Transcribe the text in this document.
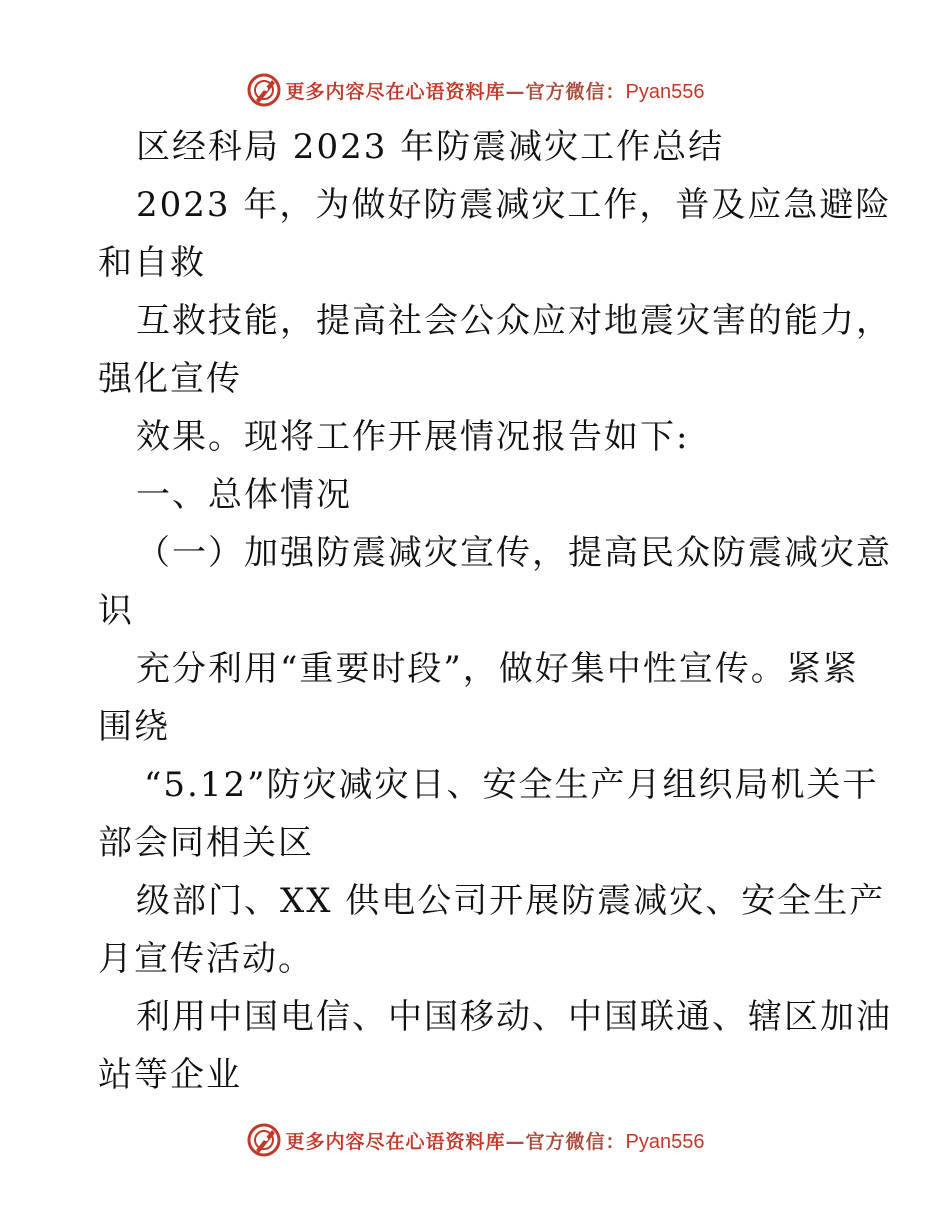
更多内容尽在心语资料库—官方微信：Pyan556
区经科局 2023 年防震减灾工作总结
2023 年，为做好防震减灾工作，普及应急避险
和自救
互救技能，提高社会公众应对地震灾害的能力，
强化宣传
效果。现将工作开展情况报告如下:
一、总体情况
（一）加强防震减灾宣传，提高民众防震减灾意
识
充分利用“重要时段”，做好集中性宣传。紧紧
围绕
“5.12”防灾减灾日、安全生产月组织局机关干
部会同相关区
级部门、XX 供电公司开展防震减灾、安全生产
月宣传活动。
利用中国电信、中国移动、中国联通、辖区加油
站等企业
更多内容尽在心语资料库—官方微信：Pyan556
